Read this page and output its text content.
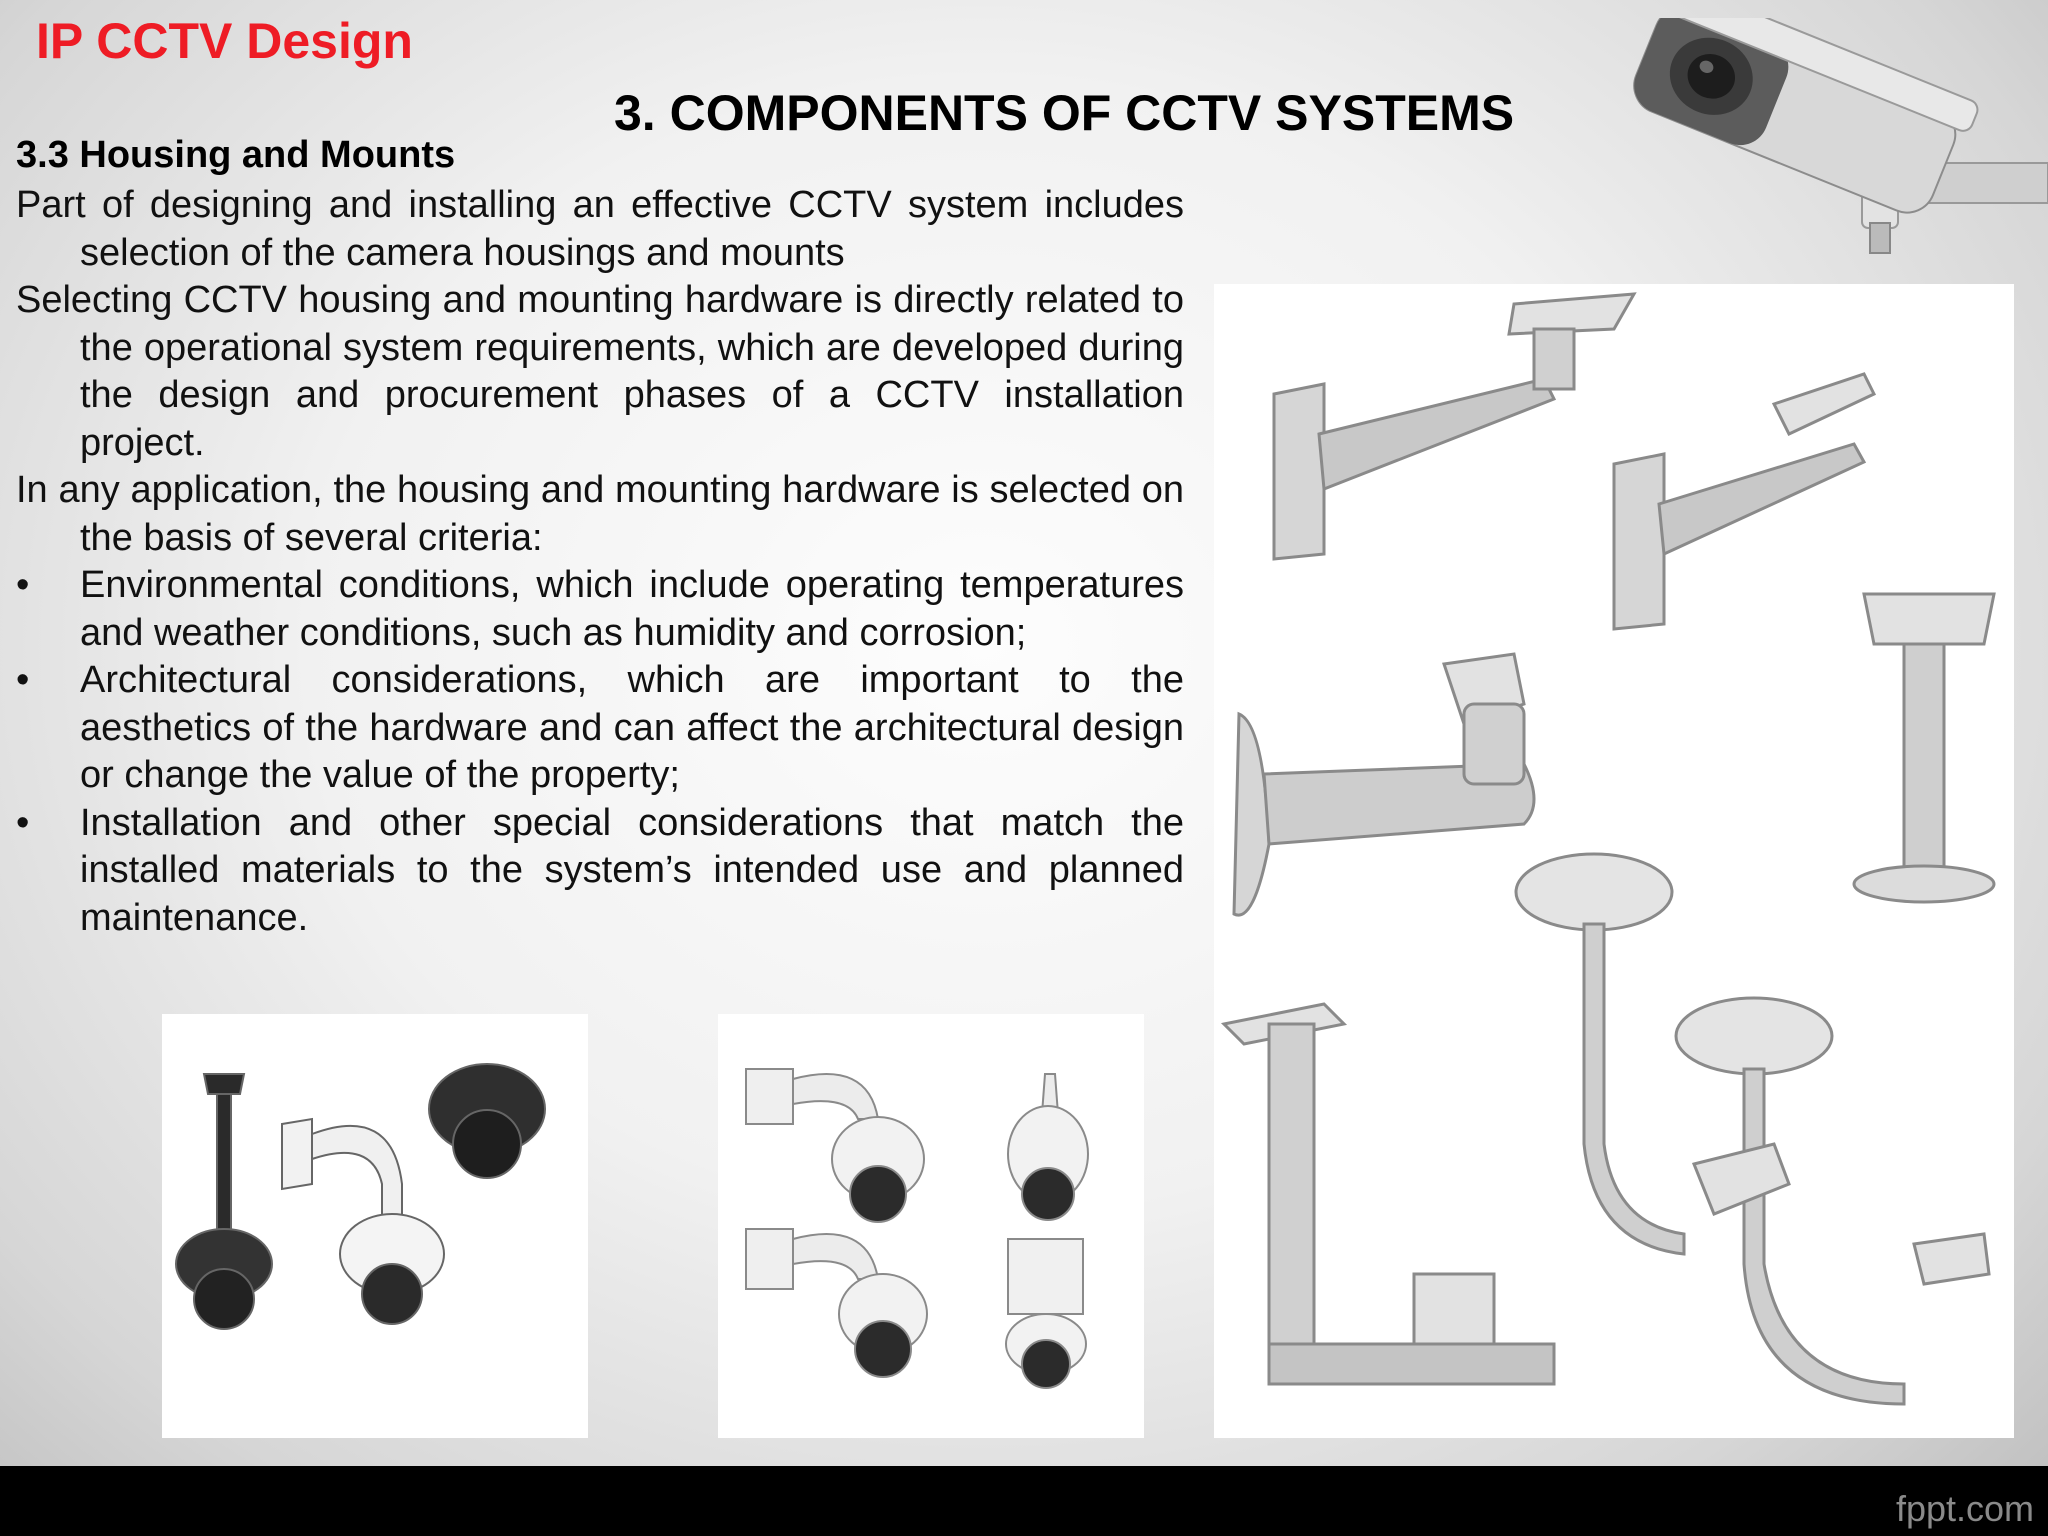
IP CCTV Design
3. COMPONENTS OF CCTV SYSTEMS
3.3 Housing and Mounts

Part of designing and installing an effective CCTV system includes selection of the camera housings and mounts

Selecting CCTV housing and mounting hardware is directly related to the operational system requirements, which are developed during the design and procurement phases of a CCTV installation project.

In any application, the housing and mounting hardware is selected on the basis of several criteria:

• Environmental conditions, which include operating temperatures and weather conditions, such as humidity and corrosion;

• Architectural considerations, which are important to the aesthetics of the hardware and can affect the architectural design or change the value of the property;

• Installation and other special considerations that match the installed materials to the system’s intended use and planned maintenance.

fppt.com
